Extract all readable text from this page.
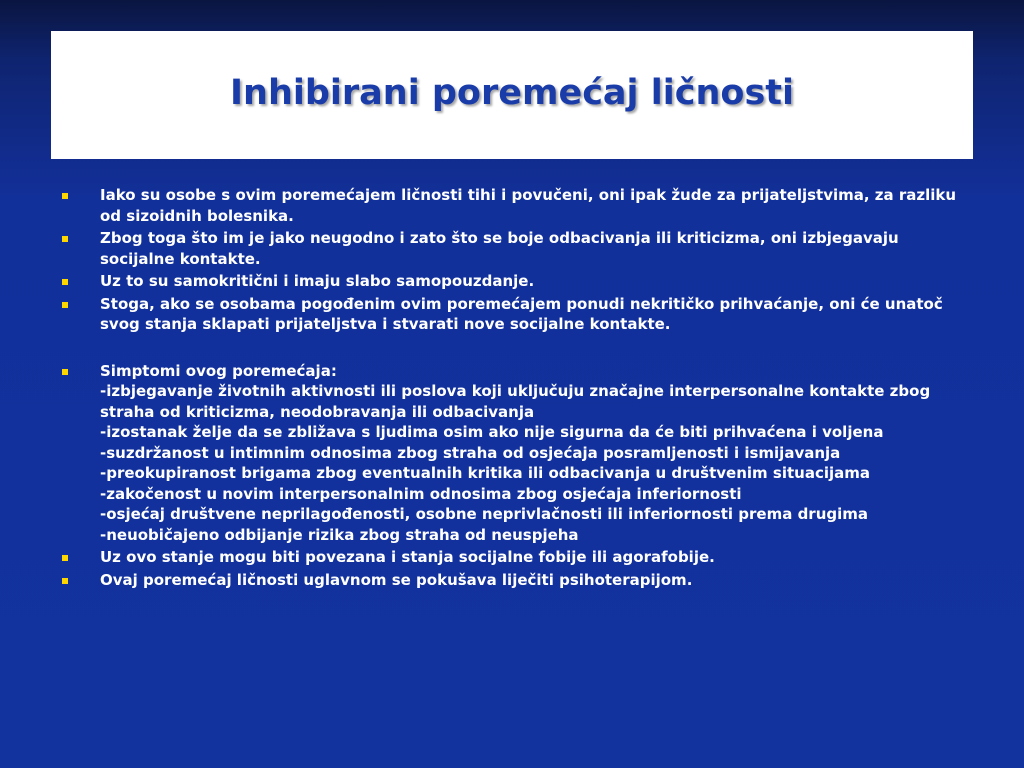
Inhibirani poremećaj ličnosti
Iako su osobe s ovim poremećajem ličnosti tihi i povučeni, oni ipak žude za prijateljstvima, za razliku od sizoidnih bolesnika.
Zbog toga što im je jako neugodno i zato što se boje odbacivanja ili kriticizma, oni izbjegavaju socijalne kontakte.
Uz to su samokritični i imaju slabo samopouzdanje.
Stoga, ako se osobama pogođenim ovim poremećajem ponudi nekritičko prihvaćanje, oni će unatoč svog stanja sklapati prijateljstva i stvarati nove socijalne kontakte.
Simptomi ovog poremećaja:
-izbjegavanje životnih aktivnosti ili poslova koji uključuju značajne interpersonalne kontakte zbog straha od kriticizma, neodobravanja ili odbacivanja
-izostanak želje da se zbližava s ljudima osim ako nije sigurna da će biti prihvaćena i voljena
-suzdržanost u intimnim odnosima zbog straha od osjećaja posramljenosti i ismijavanja
-preokupiranost brigama zbog eventualnih kritika ili odbacivanja u društvenim situacijama
-zakočenost u novim interpersonalnim odnosima zbog osjećaja inferiornosti
-osjećaj društvene neprilagođenosti, osobne neprivlačnosti ili inferiornosti prema drugima
-neuobičajeno odbijanje rizika zbog straha od neuspjeha
Uz ovo stanje mogu biti povezana i stanja socijalne fobije ili agorafobije.
Ovaj poremećaj ličnosti uglavnom se pokušava liječiti psihoterapijom.
